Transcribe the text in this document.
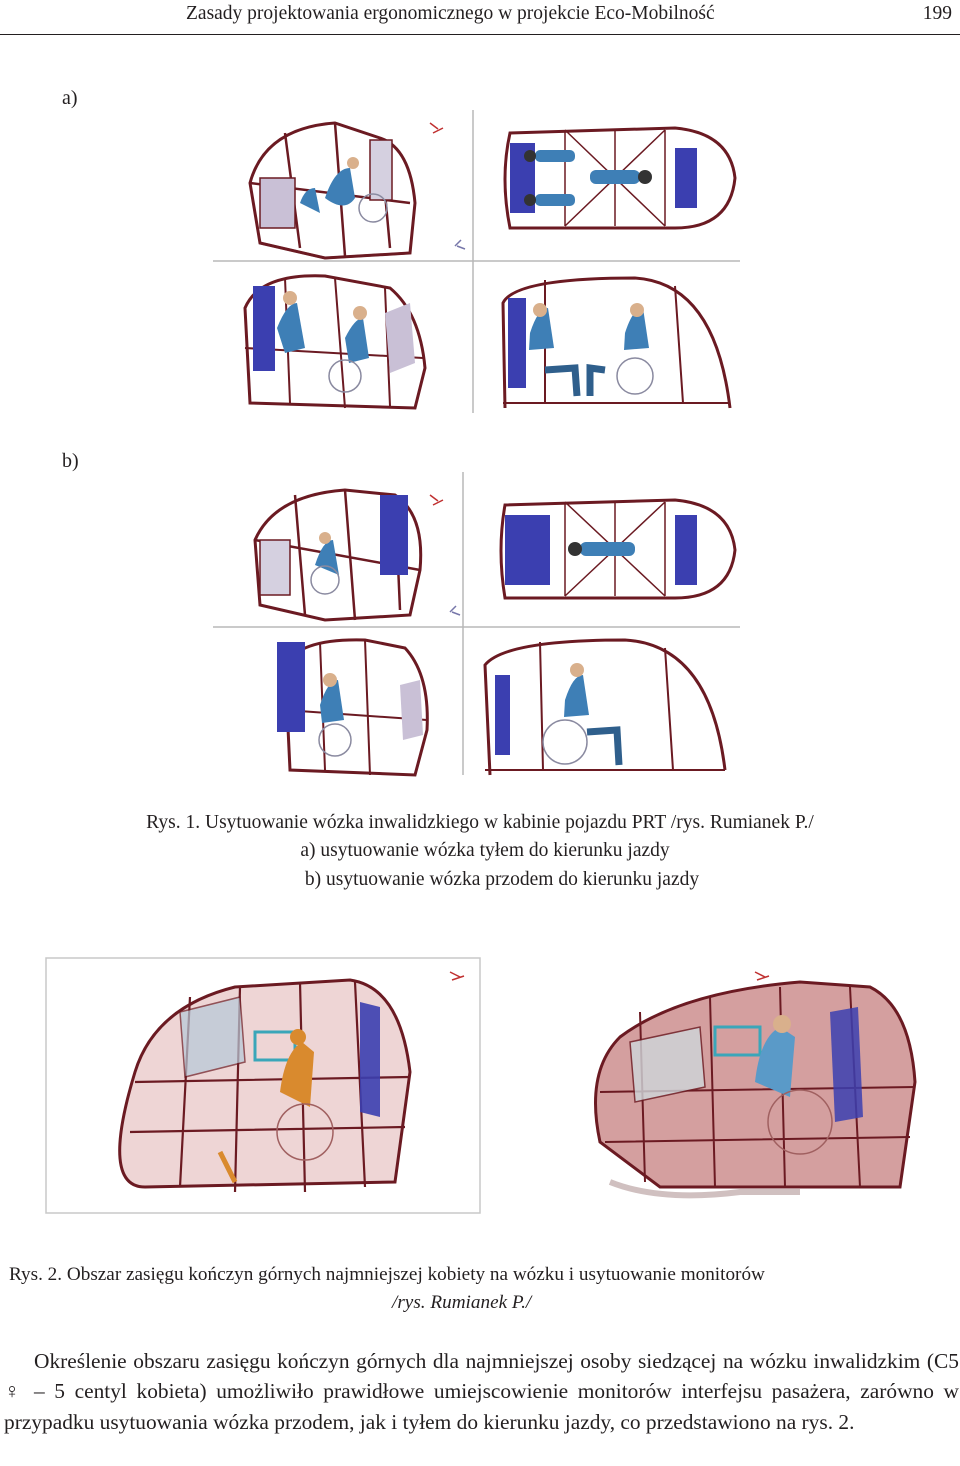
Zasady projektowania ergonomicznego w projekcie Eco-Mobilność	199
a)
b)
Rys. 1. Usytuowanie wózka inwalidzkiego w kabinie pojazdu PRT /rys. Rumianek P./
a) usytuowanie wózka tyłem do kierunku jazdy
b) usytuowanie wózka przodem do kierunku jazdy
Rys. 2. Obszar zasięgu kończyn górnych najmniejszej kobiety na wózku i usytuowanie monitorów
/rys. Rumianek P./

Określenie obszaru zasięgu kończyn górnych dla najmniejszej osoby siedzącej na wózku inwalidzkim (C5 ♀ – 5 centyl kobieta) umożliwiło prawidłowe umiejscowienie monitorów interfejsu pasażera, zarówno w przypadku usytuowania wózka przodem, jak i tyłem do kierunku jazdy, co przedstawiono na rys. 2.
